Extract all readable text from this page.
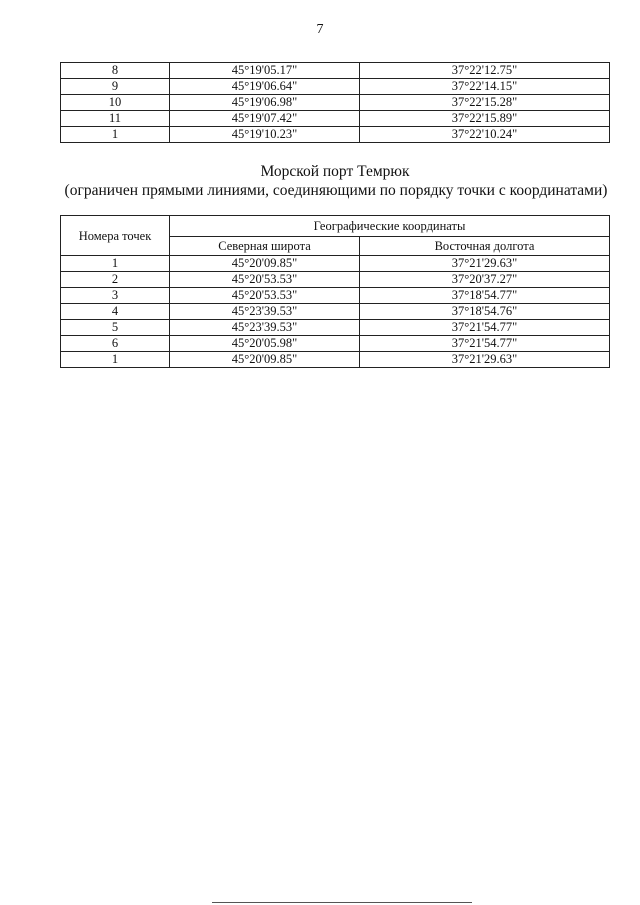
7
8	45°19'05.17"	37°22'12.75"
9	45°19'06.64"	37°22'14.15"
10	45°19'06.98"	37°22'15.28"
11	45°19'07.42"	37°22'15.89"
1	45°19'10.23"	37°22'10.24"
Морской порт Темрюк
(ограничен прямыми линиями, соединяющими по порядку точки с координатами)
Номера точек	Географические координаты	
	Северная широта	Восточная долгота
1	45°20'09.85"	37°21'29.63"
2	45°20'53.53"	37°20'37.27"
3	45°20'53.53"	37°18'54.77"
4	45°23'39.53"	37°18'54.76"
5	45°23'39.53"	37°21'54.77"
6	45°20'05.98"	37°21'54.77"
1	45°20'09.85"	37°21'29.63"
